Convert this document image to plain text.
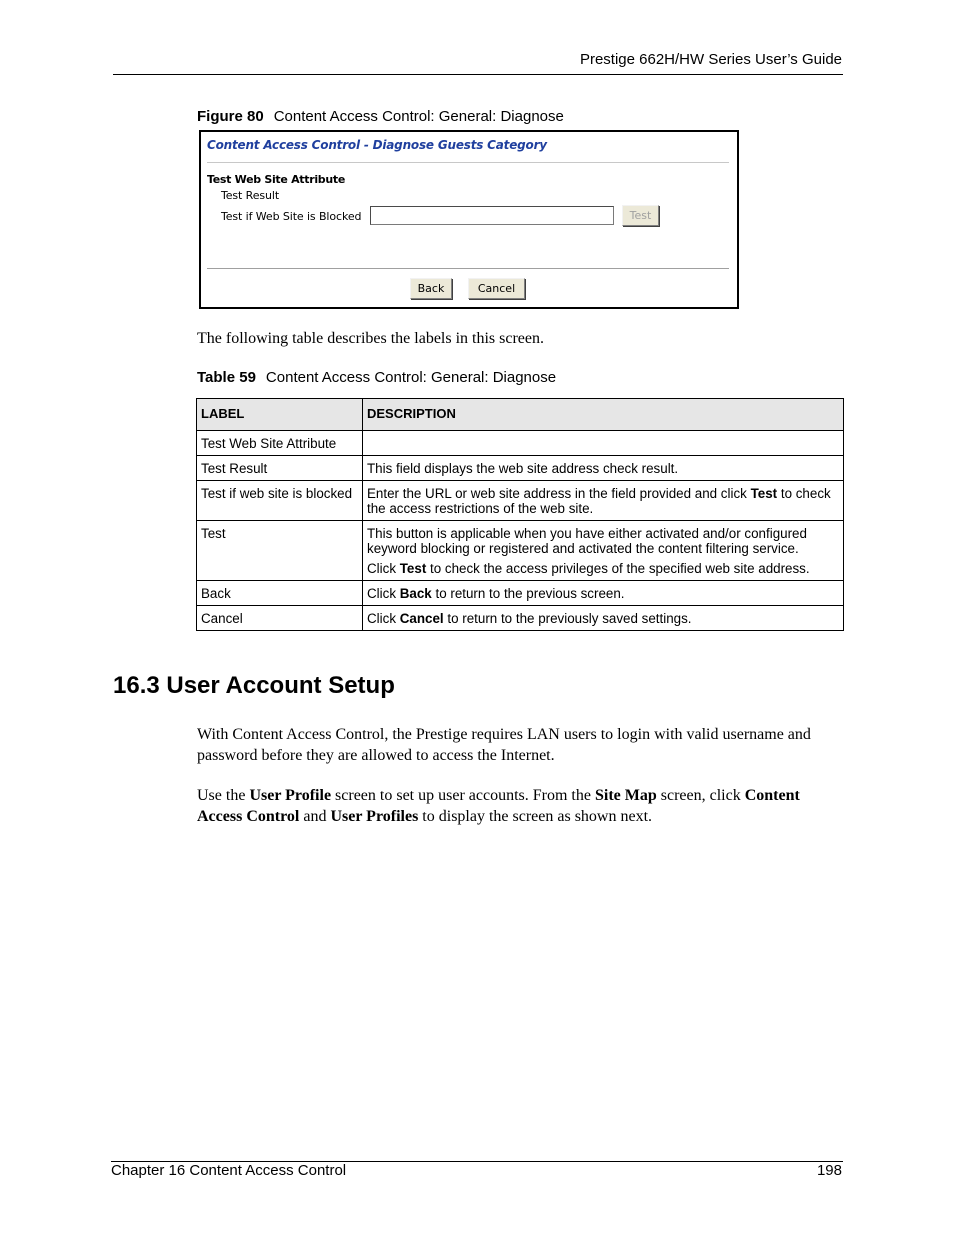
Prestige 662H/HW Series User’s Guide
Figure 80 Content Access Control: General: Diagnose
Content Access Control - Diagnose Guests Category
Test Web Site Attribute
Test Result
Test if Web Site is Blocked	Test
Back	Cancel
The following table describes the labels in this screen.
Table 59 Content Access Control: General: Diagnose
LABEL	DESCRIPTION
Test Web Site Attribute	
Test Result	This field displays the web site address check result.

Test if web site is blocked	Enter the URL or web site address in the field provided and click Test to check the access restrictions of the web site.

Test	This button is applicable when you have either activated and/or configured keyword blocking or registered and activated the content filtering service.

Click Test to check the access privileges of the specified web site address.

Back	Click Back to return to the previous screen.

Cancel	Click Cancel to return to the previously saved settings.

16.3 User Account Setup
With Content Access Control, the Prestige requires LAN users to login with valid username and password before they are allowed to access the Internet.
Use the User Profile screen to set up user accounts. From the Site Map screen, click Content Access Control and User Profiles to display the screen as shown next.
Chapter 16 Content Access Control	198
